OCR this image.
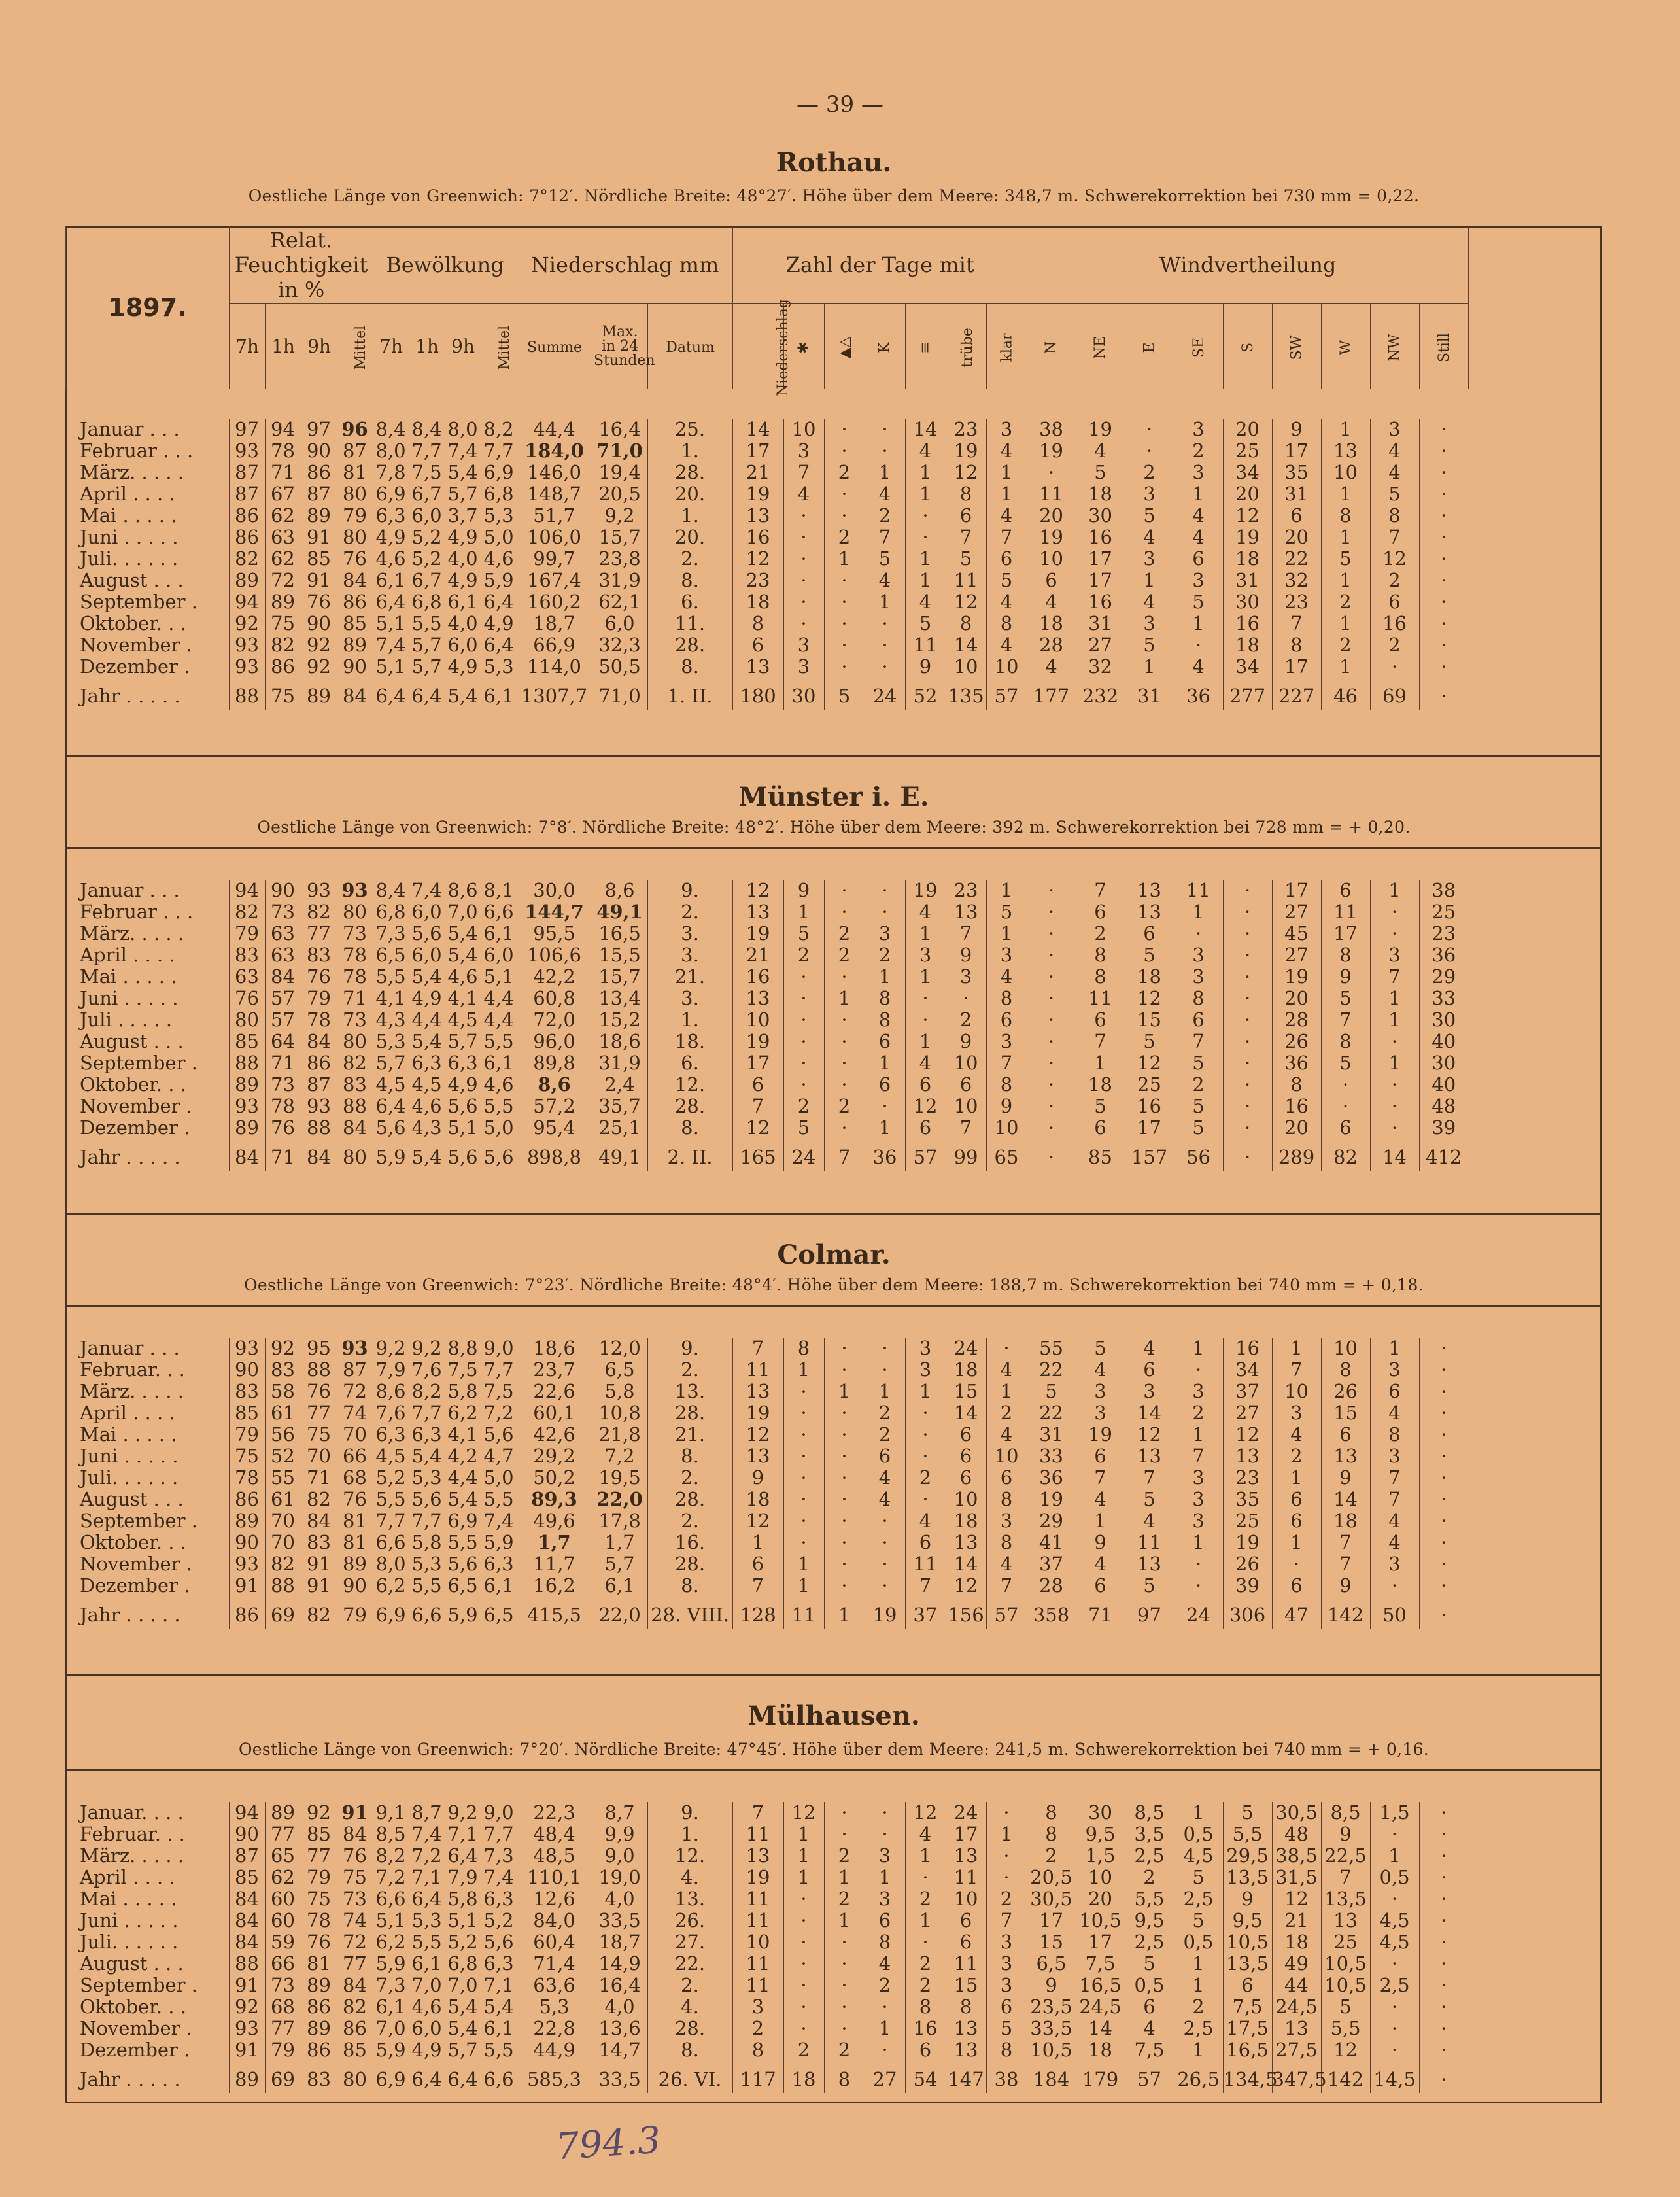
— 39 —
1897.	Relat. Feuchtigkeit in %				Bewölkung				Niederschlag mm			Zahl der Tage mit							Windvertheilung								
	7h	1h	9h	Mittel	7h	1h	9h	Mittel	Summe	Max. in 24 Stunden	Datum	Niederschlag	✱	▲△	K	≡	trübe	klar	N	NE	E	SE	S	SW	W	NW	Still
Rothau.
Oestliche Länge von Greenwich: 7°12′. Nördliche Breite: 48°27′. Höhe über dem Meere: 348,7 m. Schwerekorrektion bei 730 mm = 0,22.
Januar . . .	97	94	97	96	8,4	8,4	8,0	8,2	44,4	16,4	25.	14	10	·	·	14	23	3	38	19	·	3	20	9	1	3	·
Februar . . .	93	78	90	87	8,0	7,7	7,4	7,7	184,0	71,0	1.	17	3	·	·	4	19	4	19	4	·	2	25	17	13	4	·
März. . . . .	87	71	86	81	7,8	7,5	5,4	6,9	146,0	19,4	28.	21	7	2	1	1	12	1	·	5	2	3	34	35	10	4	·
April . . . .	87	67	87	80	6,9	6,7	5,7	6,8	148,7	20,5	20.	19	4	·	4	1	8	1	11	18	3	1	20	31	1	5	·
Mai . . . . .	86	62	89	79	6,3	6,0	3,7	5,3	51,7	9,2	1.	13	·	·	2	·	6	4	20	30	5	4	12	6	8	8	·
Juni . . . . .	86	63	91	80	4,9	5,2	4,9	5,0	106,0	15,7	20.	16	·	2	7	·	7	7	19	16	4	4	19	20	1	7	·
Juli. . . . . .	82	62	85	76	4,6	5,2	4,0	4,6	99,7	23,8	2.	12	·	1	5	1	5	6	10	17	3	6	18	22	5	12	·
August . . .	89	72	91	84	6,1	6,7	4,9	5,9	167,4	31,9	8.	23	·	·	4	1	11	5	6	17	1	3	31	32	1	2	·
September .	94	89	76	86	6,4	6,8	6,1	6,4	160,2	62,1	6.	18	·	·	1	4	12	4	4	16	4	5	30	23	2	6	·
Oktober. . .	92	75	90	85	5,1	5,5	4,0	4,9	18,7	6,0	11.	8	·	·	·	5	8	8	18	31	3	1	16	7	1	16	·
November .	93	82	92	89	7,4	5,7	6,0	6,4	66,9	32,3	28.	6	3	·	·	11	14	4	28	27	5	·	18	8	2	2	·
Dezember .	93	86	92	90	5,1	5,7	4,9	5,3	114,0	50,5	8.	13	3	·	·	9	10	10	4	32	1	4	34	17	1	·	·
Jahr . . . . .	88	75	89	84	6,4	6,4	5,4	6,1	1307,7	71,0	1. II.	180	30	5	24	52	135	57	177	232	31	36	277	227	46	69	·
Münster i. E.
Oestliche Länge von Greenwich: 7°8′. Nördliche Breite: 48°2′. Höhe über dem Meere: 392 m. Schwerekorrektion bei 728 mm = + 0,20.
Januar . . .	94	90	93	93	8,4	7,4	8,6	8,1	30,0	8,6	9.	12	9	·	·	19	23	1	·	7	13	11	·	17	6	1	38
Februar . . .	82	73	82	80	6,8	6,0	7,0	6,6	144,7	49,1	2.	13	1	·	·	4	13	5	·	6	13	1	·	27	11	·	25
März. . . . .	79	63	77	73	7,3	5,6	5,4	6,1	95,5	16,5	3.	19	5	2	3	1	7	1	·	2	6	·	·	45	17	·	23
April . . . .	83	63	83	78	6,5	6,0	5,4	6,0	106,6	15,5	3.	21	2	2	2	3	9	3	·	8	5	3	·	27	8	3	36
Mai . . . . .	63	84	76	78	5,5	5,4	4,6	5,1	42,2	15,7	21.	16	·	·	1	1	3	4	·	8	18	3	·	19	9	7	29
Juni . . . . .	76	57	79	71	4,1	4,9	4,1	4,4	60,8	13,4	3.	13	·	1	8	·	·	8	·	11	12	8	·	20	5	1	33
Juli . . . . .	80	57	78	73	4,3	4,4	4,5	4,4	72,0	15,2	1.	10	·	·	8	·	2	6	·	6	15	6	·	28	7	1	30
August . . .	85	64	84	80	5,3	5,4	5,7	5,5	96,0	18,6	18.	19	·	·	6	1	9	3	·	7	5	7	·	26	8	·	40
September .	88	71	86	82	5,7	6,3	6,3	6,1	89,8	31,9	6.	17	·	·	1	4	10	7	·	1	12	5	·	36	5	1	30
Oktober. . .	89	73	87	83	4,5	4,5	4,9	4,6	8,6	2,4	12.	6	·	·	6	6	6	8	·	18	25	2	·	8	·	·	40
November .	93	78	93	88	6,4	4,6	5,6	5,5	57,2	35,7	28.	7	2	2	·	12	10	9	·	5	16	5	·	16	·	·	48
Dezember .	89	76	88	84	5,6	4,3	5,1	5,0	95,4	25,1	8.	12	5	·	1	6	7	10	·	6	17	5	·	20	6	·	39
Jahr . . . . .	84	71	84	80	5,9	5,4	5,6	5,6	898,8	49,1	2. II.	165	24	7	36	57	99	65	·	85	157	56	·	289	82	14	412
Colmar.
Oestliche Länge von Greenwich: 7°23′. Nördliche Breite: 48°4′. Höhe über dem Meere: 188,7 m. Schwerekorrektion bei 740 mm = + 0,18.
Januar . . .	93	92	95	93	9,2	9,2	8,8	9,0	18,6	12,0	9.	7	8	·	·	3	24	·	55	5	4	1	16	1	10	1	·
Februar. . .	90	83	88	87	7,9	7,6	7,5	7,7	23,7	6,5	2.	11	1	·	·	3	18	4	22	4	6	·	34	7	8	3	·
März. . . . .	83	58	76	72	8,6	8,2	5,8	7,5	22,6	5,8	13.	13	·	1	1	1	15	1	5	3	3	3	37	10	26	6	·
April . . . .	85	61	77	74	7,6	7,7	6,2	7,2	60,1	10,8	28.	19	·	·	2	·	14	2	22	3	14	2	27	3	15	4	·
Mai . . . . .	79	56	75	70	6,3	6,3	4,1	5,6	42,6	21,8	21.	12	·	·	2	·	6	4	31	19	12	1	12	4	6	8	·
Juni . . . . .	75	52	70	66	4,5	5,4	4,2	4,7	29,2	7,2	8.	13	·	·	6	·	6	10	33	6	13	7	13	2	13	3	·
Juli. . . . . .	78	55	71	68	5,2	5,3	4,4	5,0	50,2	19,5	2.	9	·	·	4	2	6	6	36	7	7	3	23	1	9	7	·
August . . .	86	61	82	76	5,5	5,6	5,4	5,5	89,3	22,0	28.	18	·	·	4	·	10	8	19	4	5	3	35	6	14	7	·
September .	89	70	84	81	7,7	7,7	6,9	7,4	49,6	17,8	2.	12	·	·	·	4	18	3	29	1	4	3	25	6	18	4	·
Oktober. . .	90	70	83	81	6,6	5,8	5,5	5,9	1,7	1,7	16.	1	·	·	·	6	13	8	41	9	11	1	19	1	7	4	·
November .	93	82	91	89	8,0	5,3	5,6	6,3	11,7	5,7	28.	6	1	·	·	11	14	4	37	4	13	·	26	·	7	3	·
Dezember .	91	88	91	90	6,2	5,5	6,5	6,1	16,2	6,1	8.	7	1	·	·	7	12	7	28	6	5	·	39	6	9	·	·
Jahr . . . . .	86	69	82	79	6,9	6,6	5,9	6,5	415,5	22,0	28. VIII.	128	11	1	19	37	156	57	358	71	97	24	306	47	142	50	·
Mülhausen.
Oestliche Länge von Greenwich: 7°20′. Nördliche Breite: 47°45′. Höhe über dem Meere: 241,5 m. Schwerekorrektion bei 740 mm = + 0,16.
Januar. . . .	94	89	92	91	9,1	8,7	9,2	9,0	22,3	8,7	9.	7	12	·	·	12	24	·	8	30	8,5	1	5	30,5	8,5	1,5	·
Februar. . .	90	77	85	84	8,5	7,4	7,1	7,7	48,4	9,9	1.	11	1	·	·	4	17	1	8	9,5	3,5	0,5	5,5	48	9	·	·
März. . . . .	87	65	77	76	8,2	7,2	6,4	7,3	48,5	9,0	12.	13	1	2	3	1	13	·	2	1,5	2,5	4,5	29,5	38,5	22,5	1	·
April . . . .	85	62	79	75	7,2	7,1	7,9	7,4	110,1	19,0	4.	19	1	1	1	·	11	·	20,5	10	2	5	13,5	31,5	7	0,5	·
Mai . . . . .	84	60	75	73	6,6	6,4	5,8	6,3	12,6	4,0	13.	11	·	2	3	2	10	2	30,5	20	5,5	2,5	9	12	13,5	·	·
Juni . . . . .	84	60	78	74	5,1	5,3	5,1	5,2	84,0	33,5	26.	11	·	1	6	1	6	7	17	10,5	9,5	5	9,5	21	13	4,5	·
Juli. . . . . .	84	59	76	72	6,2	5,5	5,2	5,6	60,4	18,7	27.	10	·	·	8	·	6	3	15	17	2,5	0,5	10,5	18	25	4,5	·
August . . .	88	66	81	77	5,9	6,1	6,8	6,3	71,4	14,9	22.	11	·	·	4	2	11	3	6,5	7,5	5	1	13,5	49	10,5	·	·
September .	91	73	89	84	7,3	7,0	7,0	7,1	63,6	16,4	2.	11	·	·	2	2	15	3	9	16,5	0,5	1	6	44	10,5	2,5	·
Oktober. . .	92	68	86	82	6,1	4,6	5,4	5,4	5,3	4,0	4.	3	·	·	·	8	8	6	23,5	24,5	6	2	7,5	24,5	5	·	·
November .	93	77	89	86	7,0	6,0	5,4	6,1	22,8	13,6	28.	2	·	·	1	16	13	5	33,5	14	4	2,5	17,5	13	5,5	·	·
Dezember .	91	79	86	85	5,9	4,9	5,7	5,5	44,9	14,7	8.	8	2	2	·	6	13	8	10,5	18	7,5	1	16,5	27,5	12	·	·
Jahr . . . . .	89	69	83	80	6,9	6,4	6,4	6,6	585,3	33,5	26. VI.	117	18	8	27	54	147	38	184	179	57	26,5	134,5	347,5	142	14,5	·
794.3
